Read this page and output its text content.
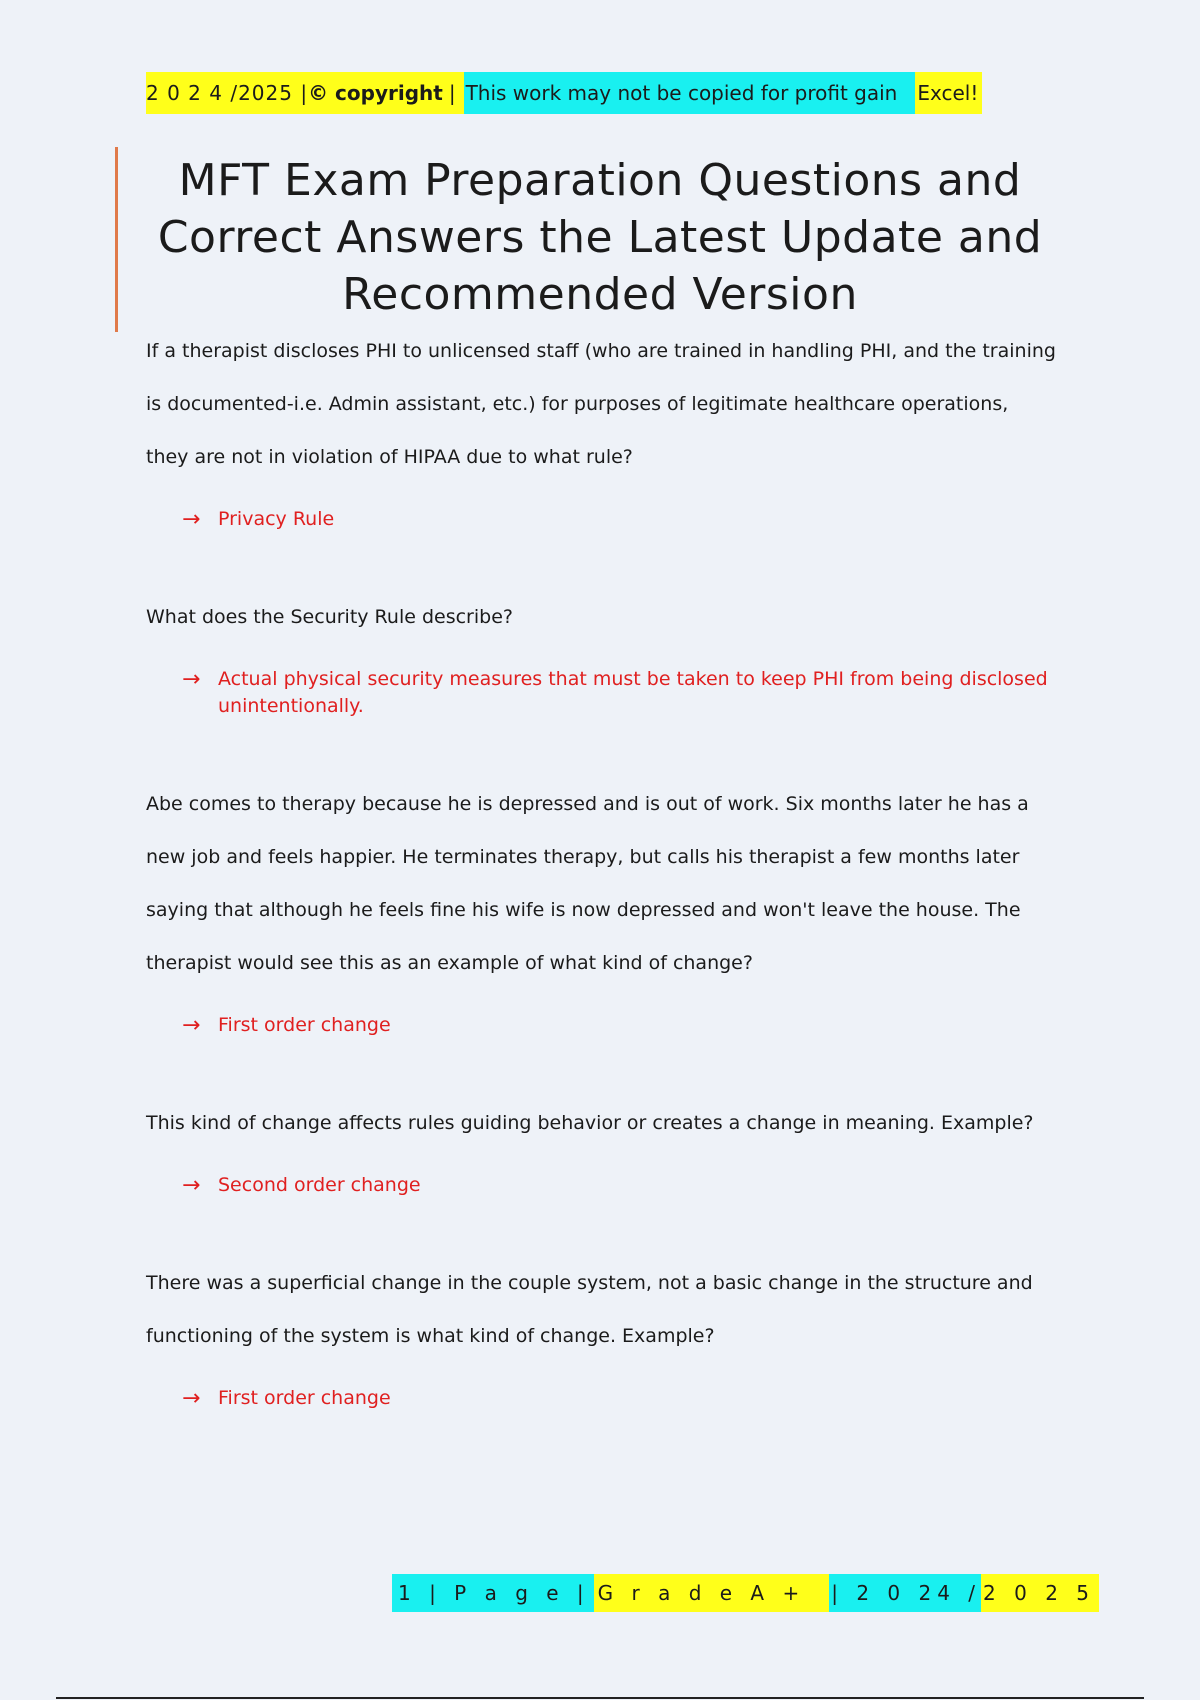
2 0 2 4 /2025 | © copyright | This work may not be copied for profit gain	Excel!
MFT Exam Preparation Questions and Correct Answers the Latest Update and Recommended Version

If a therapist discloses PHI to unlicensed staff (who are trained in handling PHI, and the training is documented-i.e. Admin assistant, etc.) for purposes of legitimate healthcare operations, they are not in violation of HIPAA due to what rule?

→ Privacy Rule

What does the Security Rule describe?

→ Actual physical security measures that must be taken to keep PHI from being disclosed unintentionally.

Abe comes to therapy because he is depressed and is out of work. Six months later he has a new job and feels happier. He terminates therapy, but calls his therapist a few months later saying that although he feels fine his wife is now depressed and won't leave the house. The therapist would see this as an example of what kind of change?

→ First order change

This kind of change affects rules guiding behavior or creates a change in meaning. Example?

→ Second order change

There was a superficial change in the couple system, not a basic change in the structure and functioning of the system is what kind of change. Example?

→ First order change
1 | P a g e | G r a d e A +	| 2 0 24 / 2 0 2 5
